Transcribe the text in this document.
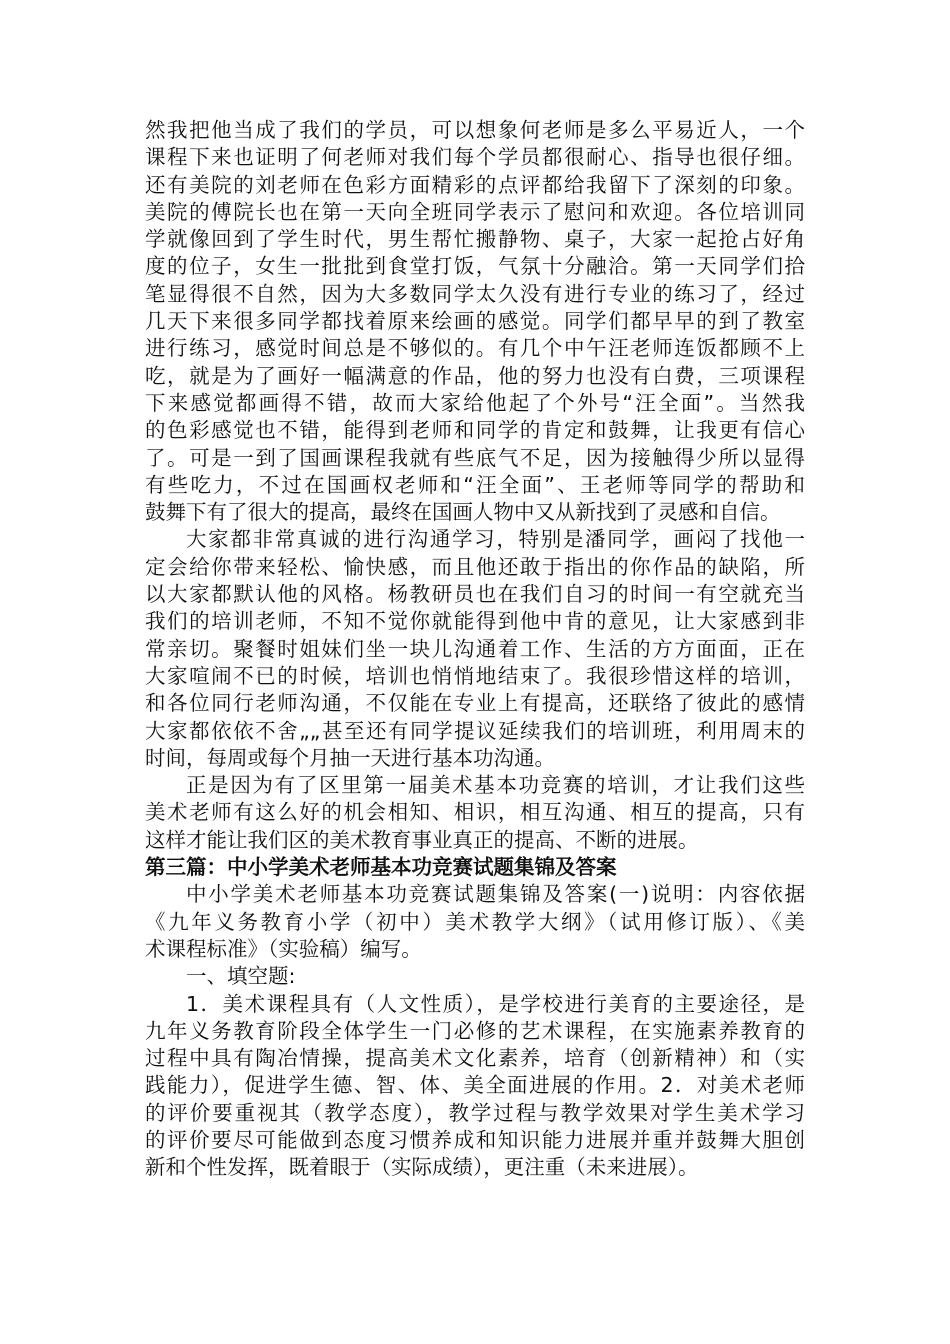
然我把他当成了我们的学员，可以想象何老师是多么平易近人，一个
课程下来也证明了何老师对我们每个学员都很耐心、指导也很仔细。
还有美院的刘老师在色彩方面精彩的点评都给我留下了深刻的印象。
美院的傅院长也在第一天向全班同学表示了慰问和欢迎。各位培训同
学就像回到了学生时代，男生帮忙搬静物、桌子，大家一起抢占好角
度的位子，女生一批批到食堂打饭，气氛十分融洽。第一天同学们拾
笔显得很不自然，因为大多数同学太久没有进行专业的练习了，经过
几天下来很多同学都找着原来绘画的感觉。同学们都早早的到了教室
进行练习，感觉时间总是不够似的。有几个中午汪老师连饭都顾不上
吃，就是为了画好一幅满意的作品，他的努力也没有白费，三项课程
下来感觉都画得不错，故而大家给他起了个外号“汪全面”。当然我
的色彩感觉也不错，能得到老师和同学的肯定和鼓舞，让我更有信心
了。可是一到了国画课程我就有些底气不足，因为接触得少所以显得
有些吃力，不过在国画权老师和“汪全面”、王老师等同学的帮助和
鼓舞下有了很大的提高，最终在国画人物中又从新找到了灵感和自信。
大家都非常真诚的进行沟通学习，特别是潘同学，画闷了找他一
定会给你带来轻松、愉快感，而且他还敢于指出的你作品的缺陷，所
以大家都默认他的风格。杨教研员也在我们自习的时间一有空就充当
我们的培训老师，不知不觉你就能得到他中肯的意见，让大家感到非
常亲切。聚餐时姐妹们坐一块儿沟通着工作、生活的方方面面，正在
大家喧闹不已的时候，培训也悄悄地结束了。我很珍惜这样的培训，
和各位同行老师沟通，不仅能在专业上有提高，还联络了彼此的感情
大家都依依不舍„„甚至还有同学提议延续我们的培训班，利用周末的
时间，每周或每个月抽一天进行基本功沟通。
正是因为有了区里第一届美术基本功竞赛的培训，才让我们这些
美术老师有这么好的机会相知、相识，相互沟通、相互的提高，只有
这样才能让我们区的美术教育事业真正的提高、不断的进展。
第三篇：中小学美术老师基本功竞赛试题集锦及答案
中小学美术老师基本功竞赛试题集锦及答案(一)说明：内容依据
《九年义务教育小学（初中）美术教学大纲》（试用修订版）、《美
术课程标准》（实验稿）编写。
一、填空题:
1．美术课程具有（人文性质），是学校进行美育的主要途径，是
九年义务教育阶段全体学生一门必修的艺术课程，在实施素养教育的
过程中具有陶冶情操，提高美术文化素养，培育（创新精神）和（实
践能力），促进学生德、智、体、美全面进展的作用。2．对美术老师
的评价要重视其（教学态度），教学过程与教学效果对学生美术学习
的评价要尽可能做到态度习惯养成和知识能力进展并重并鼓舞大胆创
新和个性发挥，既着眼于（实际成绩），更注重（未来进展）。
